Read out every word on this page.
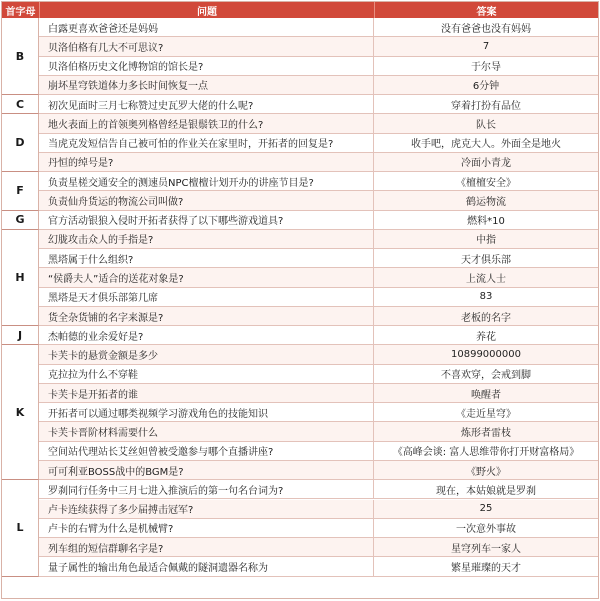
首字母	问题	答案
B
白露更喜欢爸爸还是妈妈	没有爸爸也没有妈妈
贝洛伯格有几大不可思议?	7
贝洛伯格历史文化博物馆的馆长是?	于尔导
崩坏星穹铁道体力多长时间恢复一点	6分钟
C	初次见面时三月七称赞过史瓦罗大佬的什么呢?	穿着打扮有品位
D
地火表面上的首领奥列格曾经是银鬃铁卫的什么?	队长
当虎克发短信告自己被可怕的作业关在家里时，开拓者的回复是?	收手吧，虎克大人。外面全是地火
丹恒的绰号是?	冷面小青龙
F
负责星槎交通安全的测速员NPC檀檀计划开办的讲座节目是?	《檀檀安全》
负责仙舟货运的物流公司叫做?	鹤运物流
G	官方活动银狼入侵时开拓者获得了以下哪些游戏道具?	燃料*10
H
幻胧攻击众人的手指是?	中指
黑塔属于什么组织?	天才俱乐部
“侯爵夫人”适合的送花对象是?	上流人士
黑塔是天才俱乐部第几席	83
货全杂货铺的名字来源是?	老板的名字
J	杰帕德的业余爱好是?	养花
K
卡芙卡的悬赏金额是多少	10899000000
克拉拉为什么不穿鞋	不喜欢穿，会戒到脚
卡芙卡是开拓者的谁	唤醒者
开拓者可以通过哪类视频学习游戏角色的技能知识	《走近星穹》
卡芙卡晋阶材料需要什么	炼形者雷枝
空间站代理站长艾丝妲曾被受邀参与哪个直播讲座?	《高峰会谈: 富人思维带你打开财富格局》
可可利亚BOSS战中的BGM是?	《野火》
L
罗刹同行任务中三月七进入推演后的第一句名台词为?	现在，本姑娘就是罗刹
卢卡连续获得了多少届搏击冠军?	25
卢卡的右臂为什么是机械臂?	一次意外事故
列车组的短信群聊名字是?	星穹列车一家人
量子属性的输出角色最适合佩戴的隧洞遗器名称为	繁星璀璨的天才
